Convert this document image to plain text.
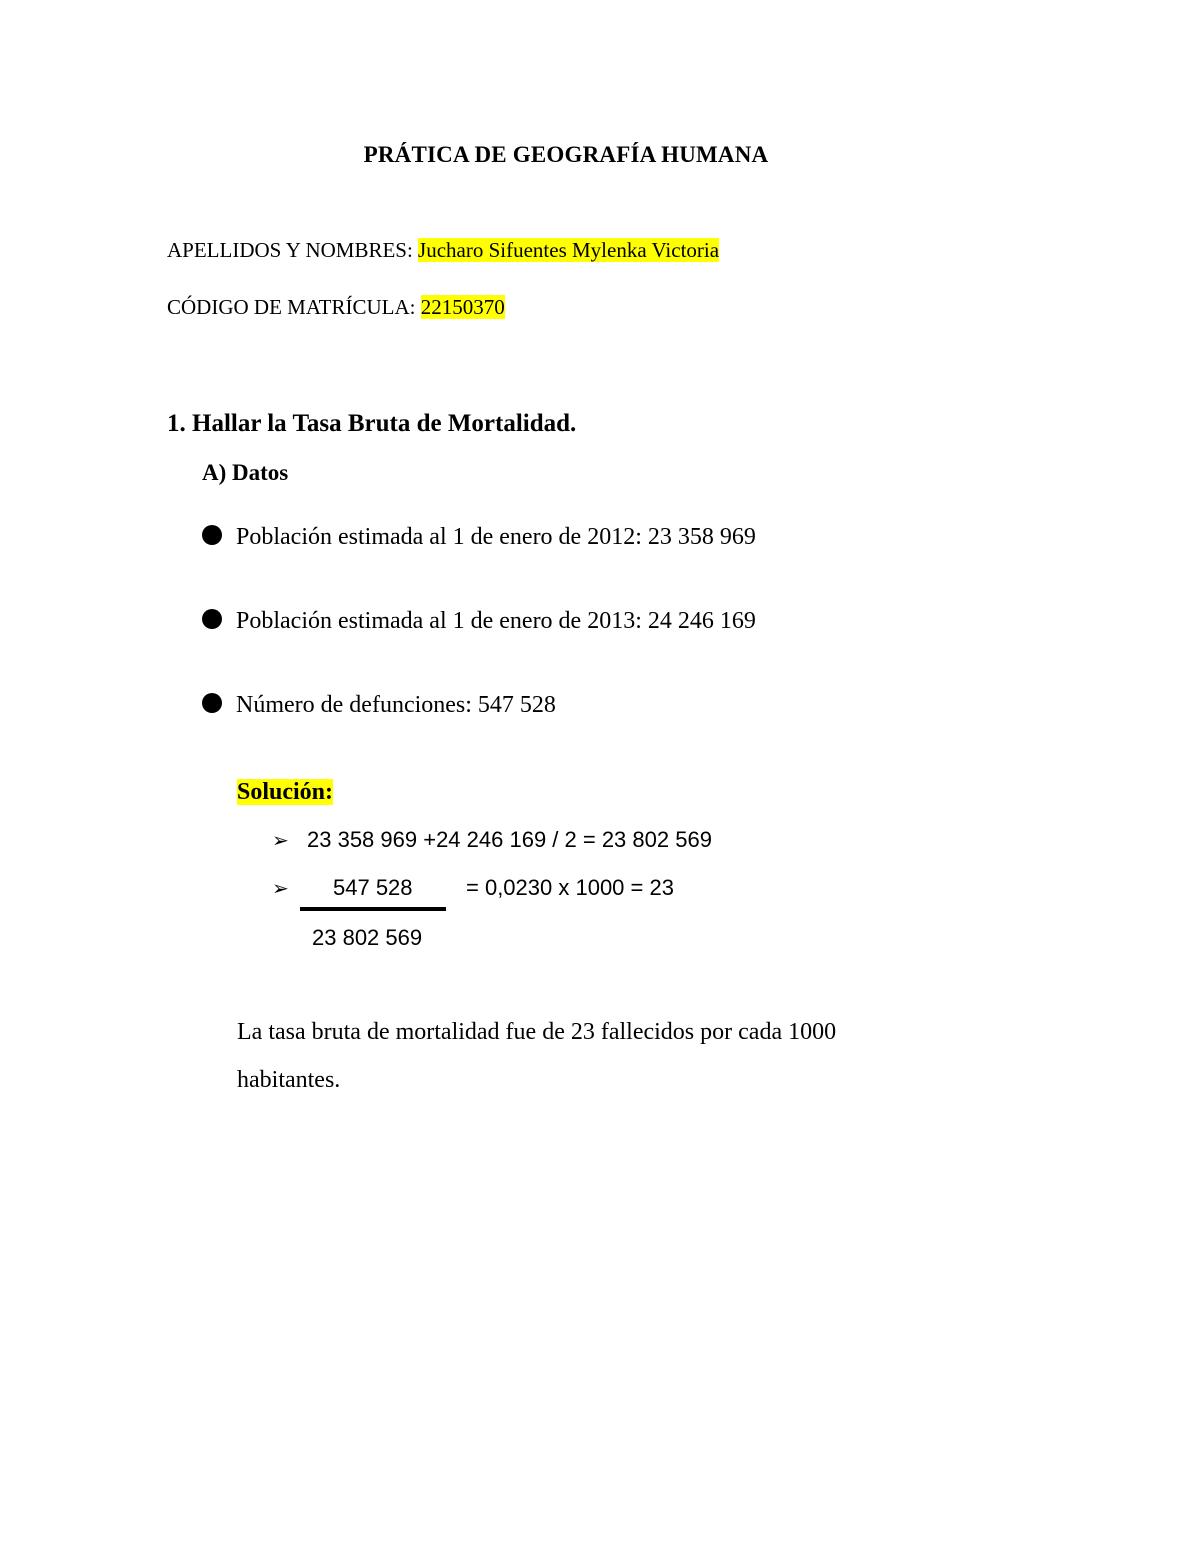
PRÁTICA DE GEOGRAFÍA HUMANA
APELLIDOS Y NOMBRES: Jucharo Sifuentes Mylenka Victoria
CÓDIGO DE MATRÍCULA: 22150370
1. Hallar la Tasa Bruta de Mortalidad.
A) Datos
Población estimada al 1 de enero de 2012: 23 358 969
Población estimada al 1 de enero de 2013: 24 246 169
Número de defunciones: 547 528
Solución:
➢ 23 358 969 +24 246 169 / 2 = 23 802 569
➢ 547 528 = 0,0230 x 1000 = 23
23 802 569
La tasa bruta de mortalidad fue de 23 fallecidos por cada 1000
habitantes.
